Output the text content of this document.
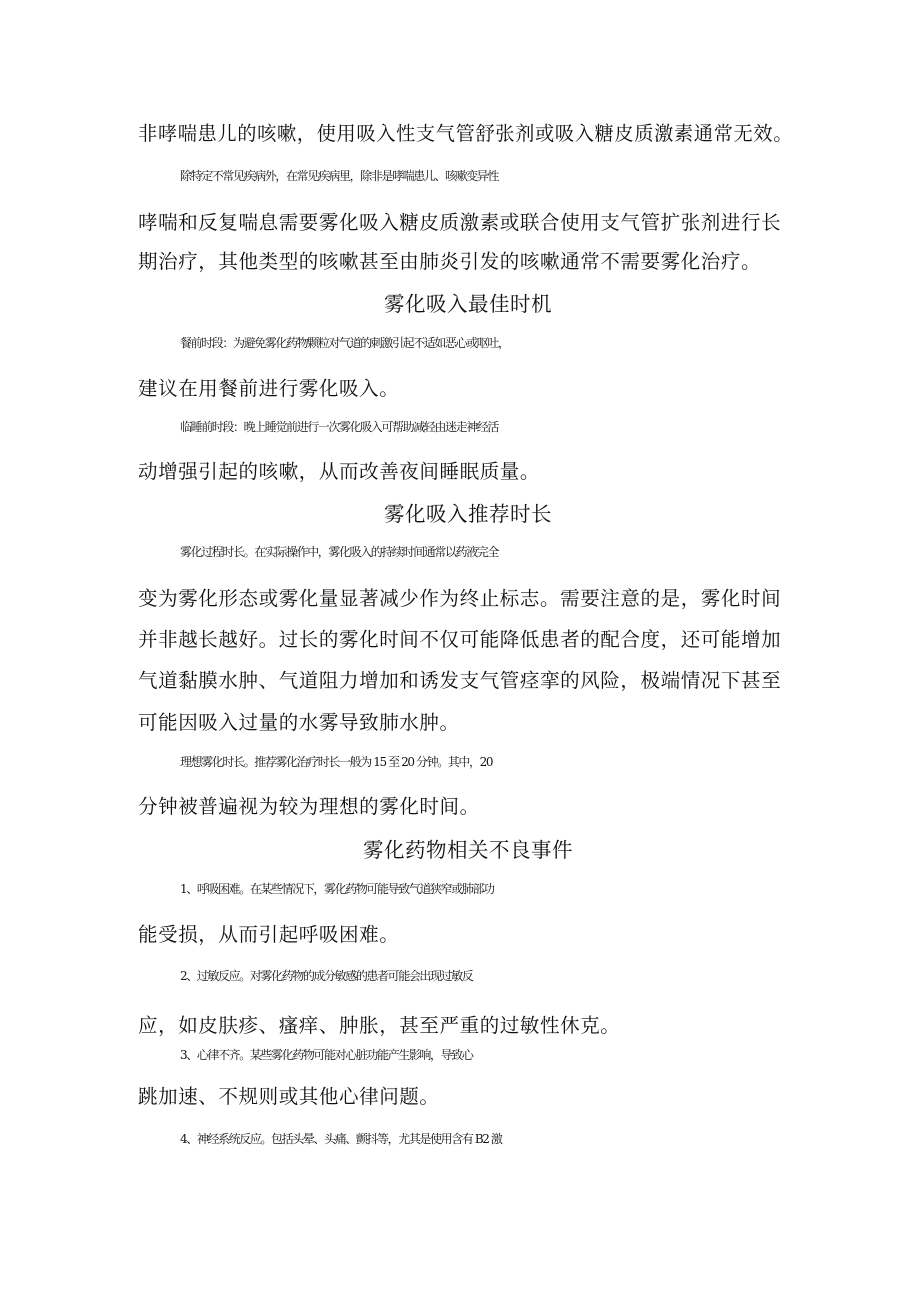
非哮喘患儿的咳嗽，使用吸入性支气管舒张剂或吸入糖皮质激素通常无效。
除特定不常见疾病外，在常见疾病里，除非是哮喘患儿、咳嗽变异性
哮喘和反复喘息需要雾化吸入糖皮质激素或联合使用支气管扩张剂进行长
期治疗，其他类型的咳嗽甚至由肺炎引发的咳嗽通常不需要雾化治疗。
雾化吸入最佳时机
餐前时段：为避免雾化药物颗粒对气道的刺激引起不适如恶心或呕吐，
建议在用餐前进行雾化吸入。
临睡前时段：晚上睡觉前进行一次雾化吸入可帮助减轻由迷走神经活
动增强引起的咳嗽，从而改善夜间睡眠质量。
雾化吸入推荐时长
雾化过程时长。在实际操作中，雾化吸入的持续时间通常以药液完全
变为雾化形态或雾化量显著减少作为终止标志。需要注意的是，雾化时间
并非越长越好。过长的雾化时间不仅可能降低患者的配合度，还可能增加
气道黏膜水肿、气道阻力增加和诱发支气管痉挛的风险，极端情况下甚至
可能因吸入过量的水雾导致肺水肿。
理想雾化时长。推荐雾化治疗时长一般为 15 至 20 分钟。其中，20
分钟被普遍视为较为理想的雾化时间。
雾化药物相关不良事件
1、呼吸困难。在某些情况下，雾化药物可能导致气道狭窄或肺部功
能受损，从而引起呼吸困难。
2、过敏反应。对雾化药物的成分敏感的患者可能会出现过敏反
应，如皮肤疹、瘙痒、肿胀，甚至严重的过敏性休克。
3、心律不齐。某些雾化药物可能对心脏功能产生影响，导致心
跳加速、不规则或其他心律问题。
4、神经系统反应。包括头晕、头痛、颤抖等，尤其是使用含有 B2 激
